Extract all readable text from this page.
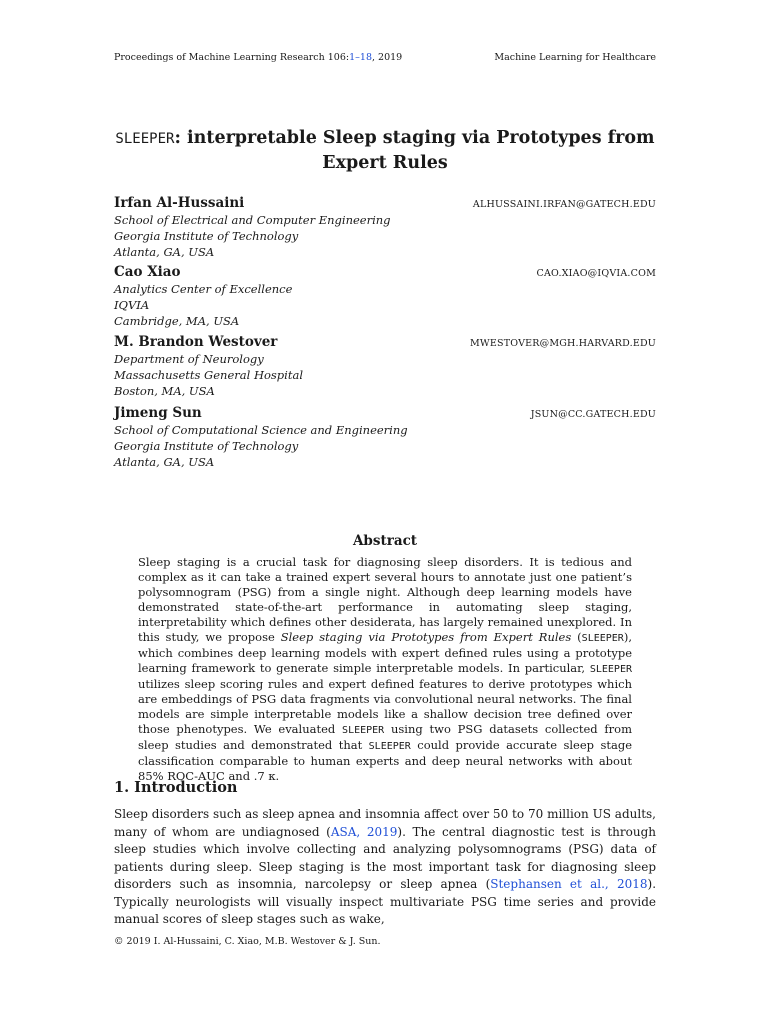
Proceedings of Machine Learning Research 106:1–18, 2019	Machine Learning for Healthcare
SLEEPER: interpretable Sleep staging via Prototypes from Expert Rules
Irfan Al-Hussaini	ALHUSSAINI.IRFAN@GATECH.EDU
School of Electrical and Computer Engineering
Georgia Institute of Technology
Atlanta, GA, USA
Cao Xiao	CAO.XIAO@IQVIA.COM
Analytics Center of Excellence
IQVIA
Cambridge, MA, USA
M. Brandon Westover	MWESTOVER@MGH.HARVARD.EDU
Department of Neurology
Massachusetts General Hospital
Boston, MA, USA
Jimeng Sun	JSUN@CC.GATECH.EDU
School of Computational Science and Engineering
Georgia Institute of Technology
Atlanta, GA, USA
Abstract
Sleep staging is a crucial task for diagnosing sleep disorders. It is tedious and complex as it can take a trained expert several hours to annotate just one patient’s polysomnogram (PSG) from a single night. Although deep learning models have demonstrated state-of-the-art performance in automating sleep staging, interpretability which defines other desiderata, has largely remained unexplored. In this study, we propose Sleep staging via Prototypes from Expert Rules (SLEEPER), which combines deep learning models with expert defined rules using a prototype learning framework to generate simple interpretable models. In particular, SLEEPER utilizes sleep scoring rules and expert defined features to derive prototypes which are embeddings of PSG data fragments via convolutional neural networks. The final models are simple interpretable models like a shallow decision tree defined over those phenotypes. We evaluated SLEEPER using two PSG datasets collected from sleep studies and demonstrated that SLEEPER could provide accurate sleep stage classification comparable to human experts and deep neural networks with about 85% ROC-AUC and .7 κ.
1. Introduction
Sleep disorders such as sleep apnea and insomnia affect over 50 to 70 million US adults, many of whom are undiagnosed (ASA, 2019). The central diagnostic test is through sleep studies which involve collecting and analyzing polysomnograms (PSG) data of patients during sleep. Sleep staging is the most important task for diagnosing sleep disorders such as insomnia, narcolepsy or sleep apnea (Stephansen et al., 2018). Typically neurologists will visually inspect multivariate PSG time series and provide manual scores of sleep stages such as wake,
© 2019 I. Al-Hussaini, C. Xiao, M.B. Westover & J. Sun.
